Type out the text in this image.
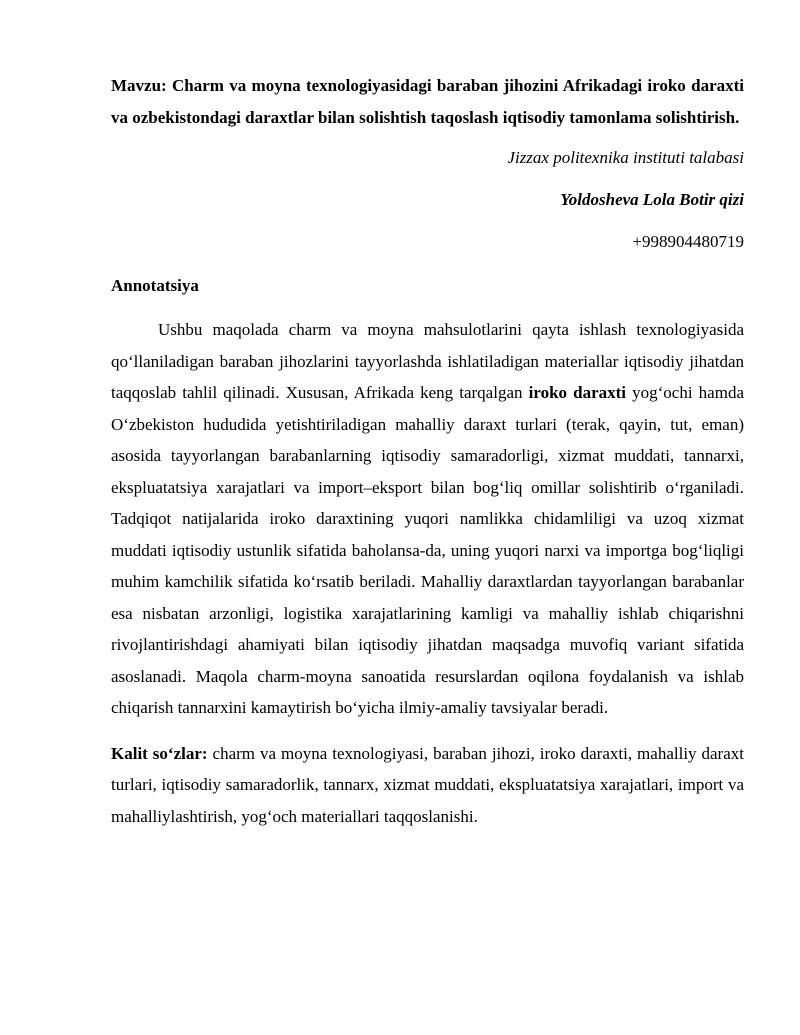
Mavzu: Charm va moyna texnologiyasidagi baraban jihozini Afrikadagi iroko daraxti va ozbekistondagi daraxtlar bilan solishtish taqoslash iqtisodiy tamonlama solishtirish.

Jizzax politexnika instituti talabasi
Yoldosheva Lola Botir qizi
+998904480719

Annotatsiya

Ushbu maqolada charm va moyna mahsulotlarini qayta ishlash texnologiyasida qo‘llaniladigan baraban jihozlarini tayyorlashda ishlatiladigan materiallar iqtisodiy jihatdan taqqoslab tahlil qilinadi. Xususan, Afrikada keng tarqalgan iroko daraxti yog‘ochi hamda O‘zbekiston hududida yetishtiriladigan mahalliy daraxt turlari (terak, qayin, tut, eman) asosida tayyorlangan barabanlarning iqtisodiy samaradorligi, xizmat muddati, tannarxi, ekspluatatsiya xarajatlari va import–eksport bilan bog‘liq omillar solishtirib o‘rganiladi. Tadqiqot natijalarida iroko daraxtining yuqori namlikka chidamliligi va uzoq xizmat muddati iqtisodiy ustunlik sifatida baholansa-da, uning yuqori narxi va importga bog‘liqligi muhim kamchilik sifatida ko‘rsatib beriladi. Mahalliy daraxtlardan tayyorlangan barabanlar esa nisbatan arzonligi, logistika xarajatlarining kamligi va mahalliy ishlab chiqarishni rivojlantirishdagi ahamiyati bilan iqtisodiy jihatdan maqsadga muvofiq variant sifatida asoslanadi. Maqola charm-moyna sanoatida resurslardan oqilona foydalanish va ishlab chiqarish tannarxini kamaytirish bo‘yicha ilmiy-amaliy tavsiyalar beradi.

Kalit so‘zlar: charm va moyna texnologiyasi, baraban jihozi, iroko daraxti, mahalliy daraxt turlari, iqtisodiy samaradorlik, tannarx, xizmat muddati, ekspluatatsiya xarajatlari, import va mahalliylashtirish, yog‘och materiallari taqqoslanishi.
